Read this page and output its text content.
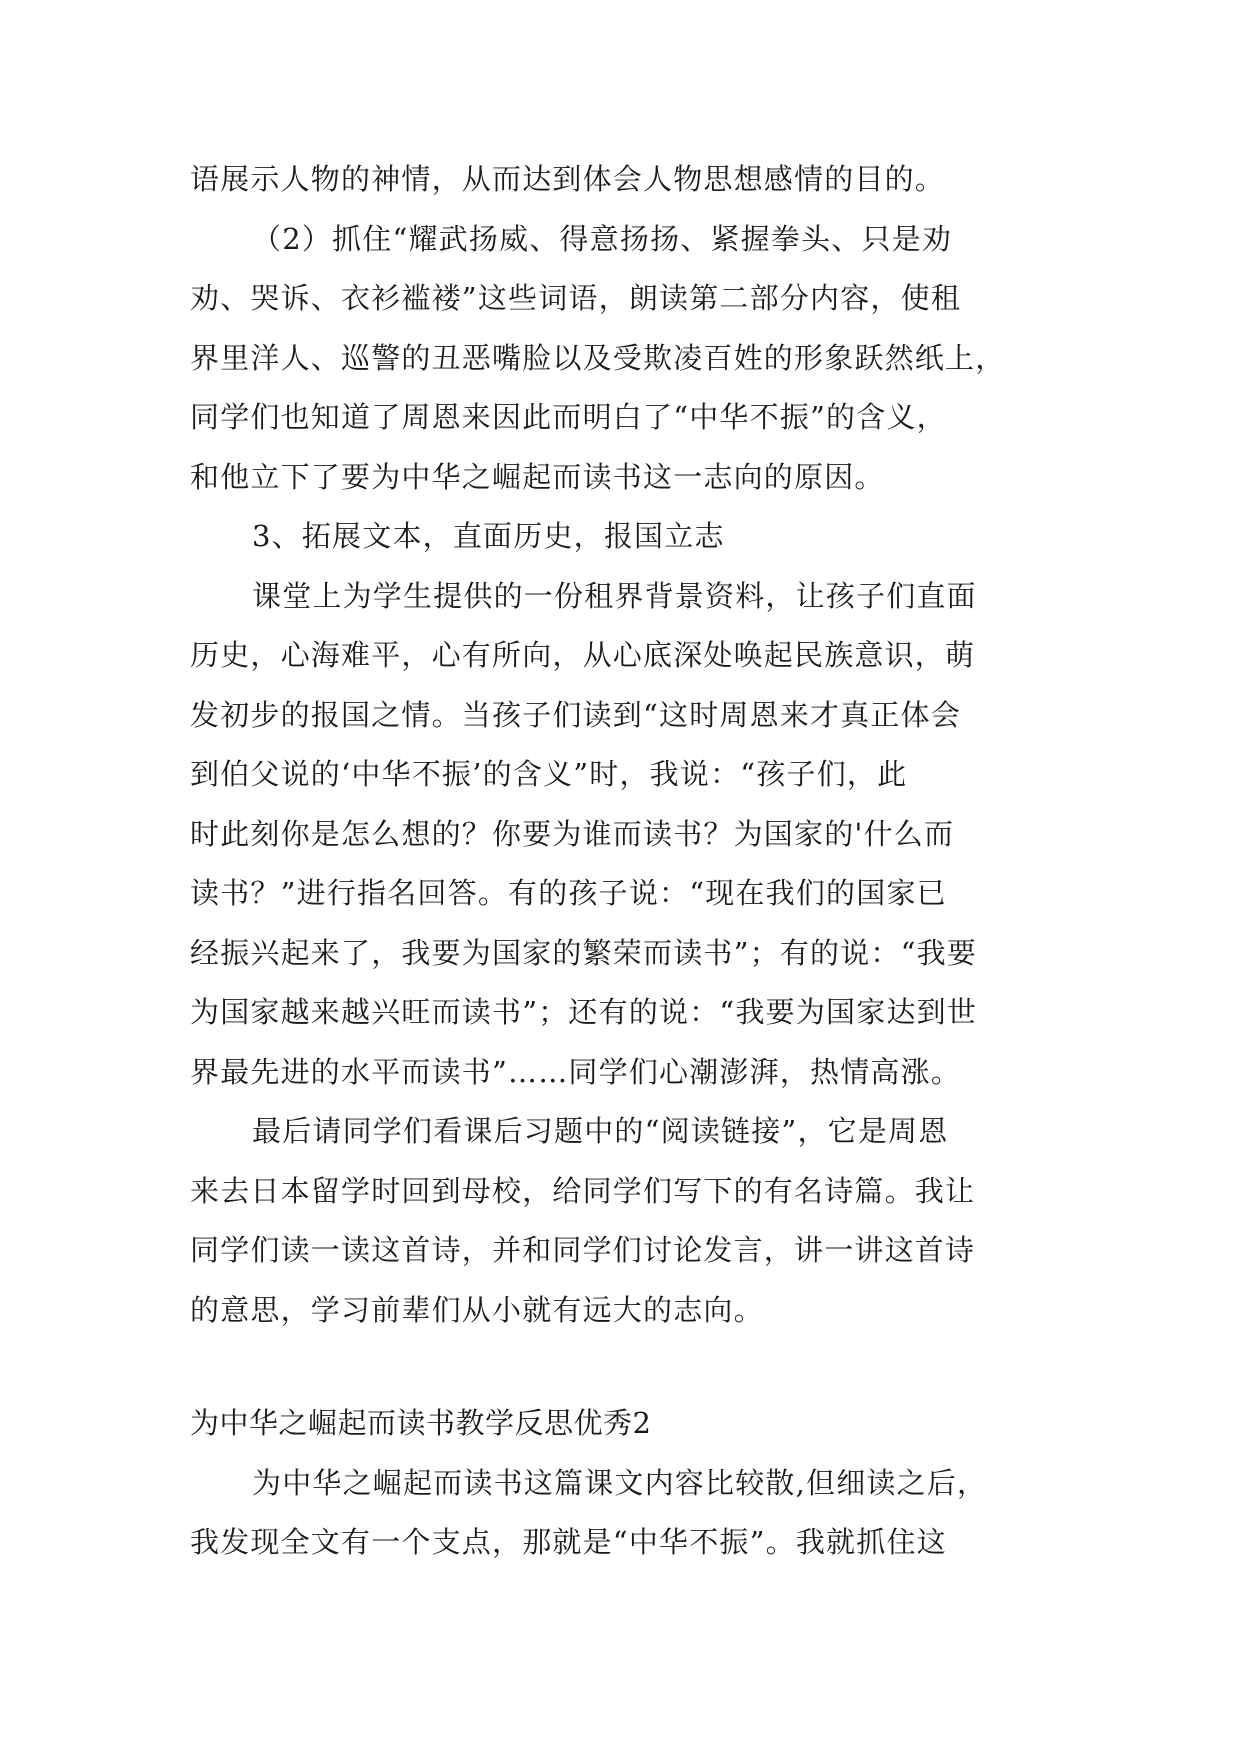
语展示人物的神情，从而达到体会人物思想感情的目的。
（2）抓住“耀武扬威、得意扬扬、紧握拳头、只是劝
劝、哭诉、衣衫褴褛”这些词语，朗读第二部分内容，使租
界里洋人、巡警的丑恶嘴脸以及受欺凌百姓的形象跃然纸上，
同学们也知道了周恩来因此而明白了“中华不振”的含义，
和他立下了要为中华之崛起而读书这一志向的原因。
3、拓展文本，直面历史，报国立志
课堂上为学生提供的一份租界背景资料，让孩子们直面
历史，心海难平，心有所向，从心底深处唤起民族意识，萌
发初步的报国之情。当孩子们读到“这时周恩来才真正体会
到伯父说的‘中华不振’的含义”时，我说：“孩子们，此
时此刻你是怎么想的？你要为谁而读书？为国家的'什么而
读书？”进行指名回答。有的孩子说：“现在我们的国家已
经振兴起来了，我要为国家的繁荣而读书”；有的说：“我要
为国家越来越兴旺而读书”；还有的说：“我要为国家达到世
界最先进的水平而读书”……同学们心潮澎湃，热情高涨。
最后请同学们看课后习题中的“阅读链接”，它是周恩
来去日本留学时回到母校，给同学们写下的有名诗篇。我让
同学们读一读这首诗，并和同学们讨论发言，讲一讲这首诗
的意思，学习前辈们从小就有远大的志向。
为中华之崛起而读书教学反思优秀2
为中华之崛起而读书这篇课文内容比较散,但细读之后，
我发现全文有一个支点，那就是“中华不振”。我就抓住这
